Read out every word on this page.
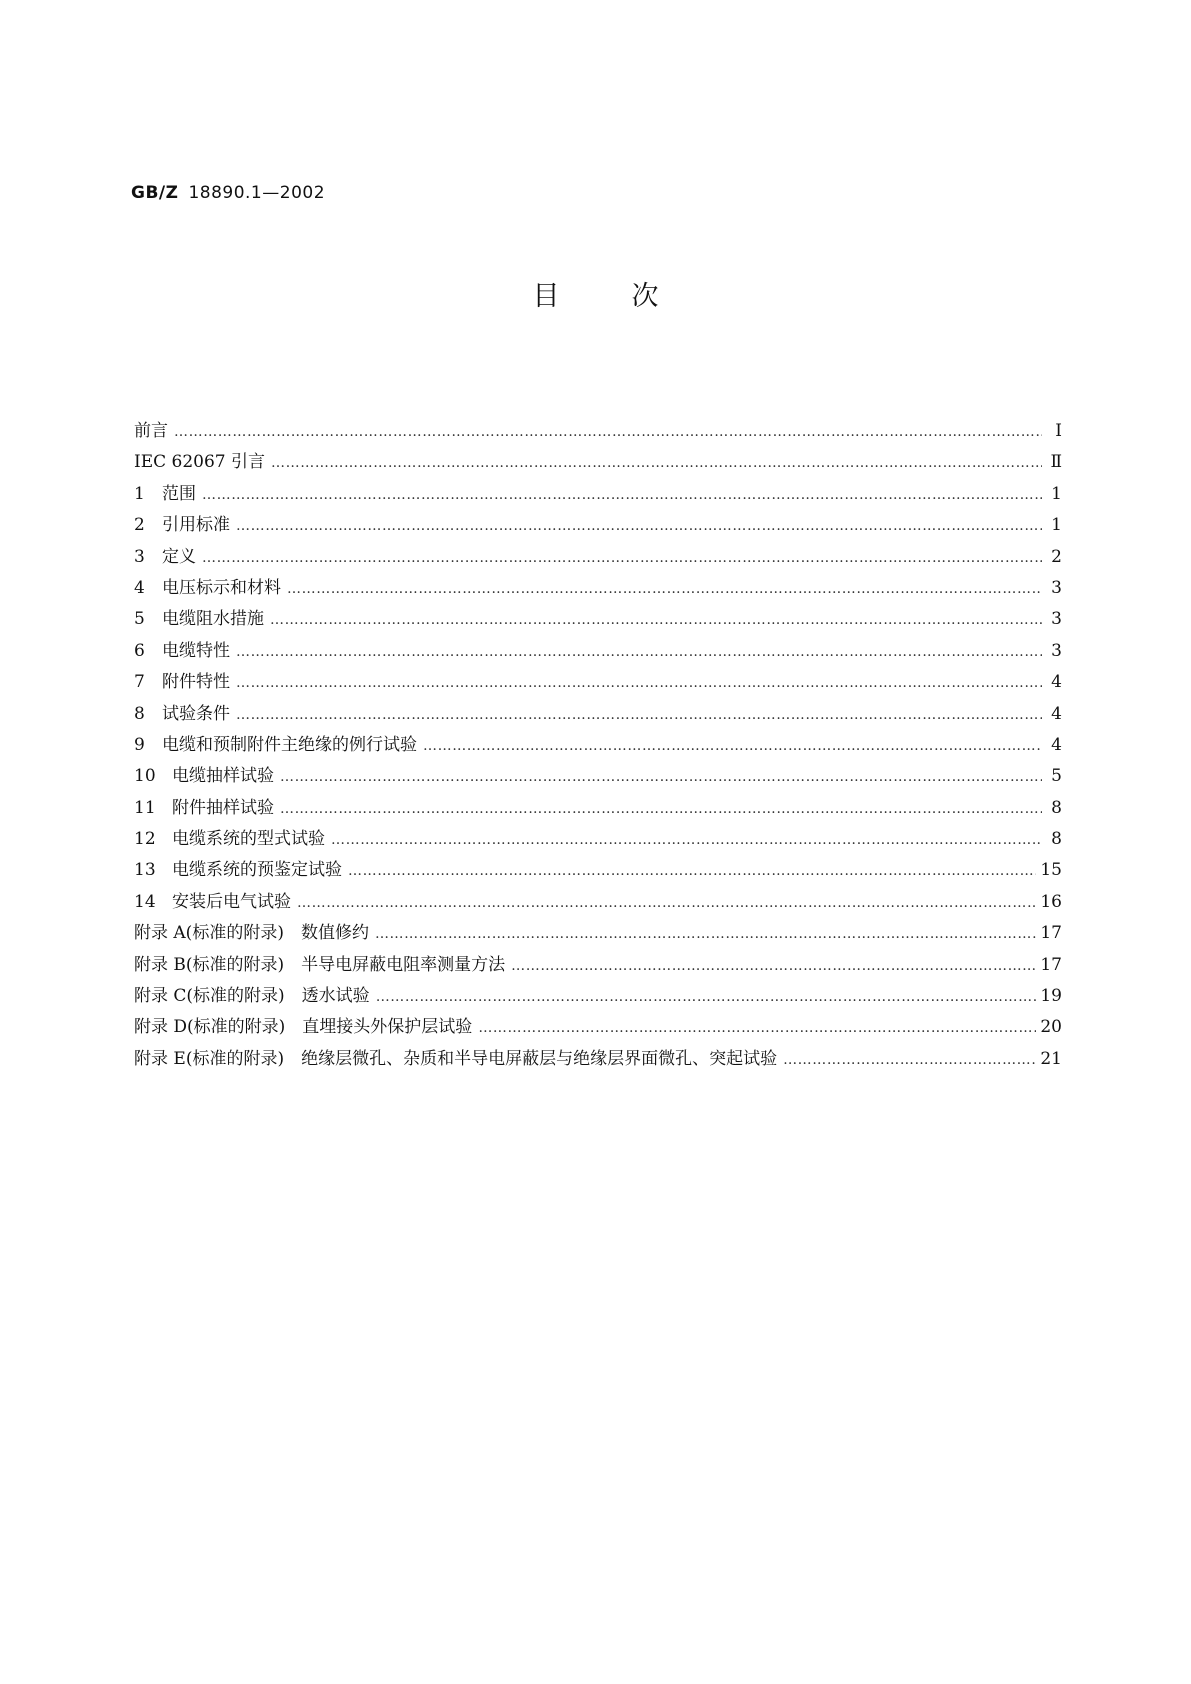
GB/Z 18890.1—2002
目次
前言 ……………………………………………………………………………………………………………………………………………………………………………………………………	I
IEC 62067 引言 ……………………………………………………………………………………………………………………………………………………………………………………………………	Ⅱ
1 范围 ……………………………………………………………………………………………………………………………………………………………………………………………………	1
2 引用标准 ……………………………………………………………………………………………………………………………………………………………………………………………………	1
3 定义 ……………………………………………………………………………………………………………………………………………………………………………………………………	2
4 电压标示和材料 ……………………………………………………………………………………………………………………………………………………………………………………………………	3
5 电缆阻水措施 ……………………………………………………………………………………………………………………………………………………………………………………………………	3
6 电缆特性 ……………………………………………………………………………………………………………………………………………………………………………………………………	3
7 附件特性 ……………………………………………………………………………………………………………………………………………………………………………………………………	4
8 试验条件 ……………………………………………………………………………………………………………………………………………………………………………………………………	4
9 电缆和预制附件主绝缘的例行试验 ……………………………………………………………………………………………………………………………………………………………………………………………………	4
10 电缆抽样试验 ……………………………………………………………………………………………………………………………………………………………………………………………………	5
11 附件抽样试验 ……………………………………………………………………………………………………………………………………………………………………………………………………	8
12 电缆系统的型式试验 ……………………………………………………………………………………………………………………………………………………………………………………………………	8
13 电缆系统的预鉴定试验 ……………………………………………………………………………………………………………………………………………………………………………………………………	15
14 安装后电气试验 ……………………………………………………………………………………………………………………………………………………………………………………………………	16
附录 A(标准的附录)　数值修约 ……………………………………………………………………………………………………………………………………………………………………………………………………	17
附录 B(标准的附录)　半导电屏蔽电阻率测量方法 ……………………………………………………………………………………………………………………………………………………………………………………………………	17
附录 C(标准的附录)　透水试验 ……………………………………………………………………………………………………………………………………………………………………………………………………	19
附录 D(标准的附录)　直埋接头外保护层试验 ……………………………………………………………………………………………………………………………………………………………………………………………………	20
附录 E(标准的附录)　绝缘层微孔、杂质和半导电屏蔽层与绝缘层界面微孔、突起试验 ……………………………………………………………………………………………………………………………………………………………………………………………………	21
